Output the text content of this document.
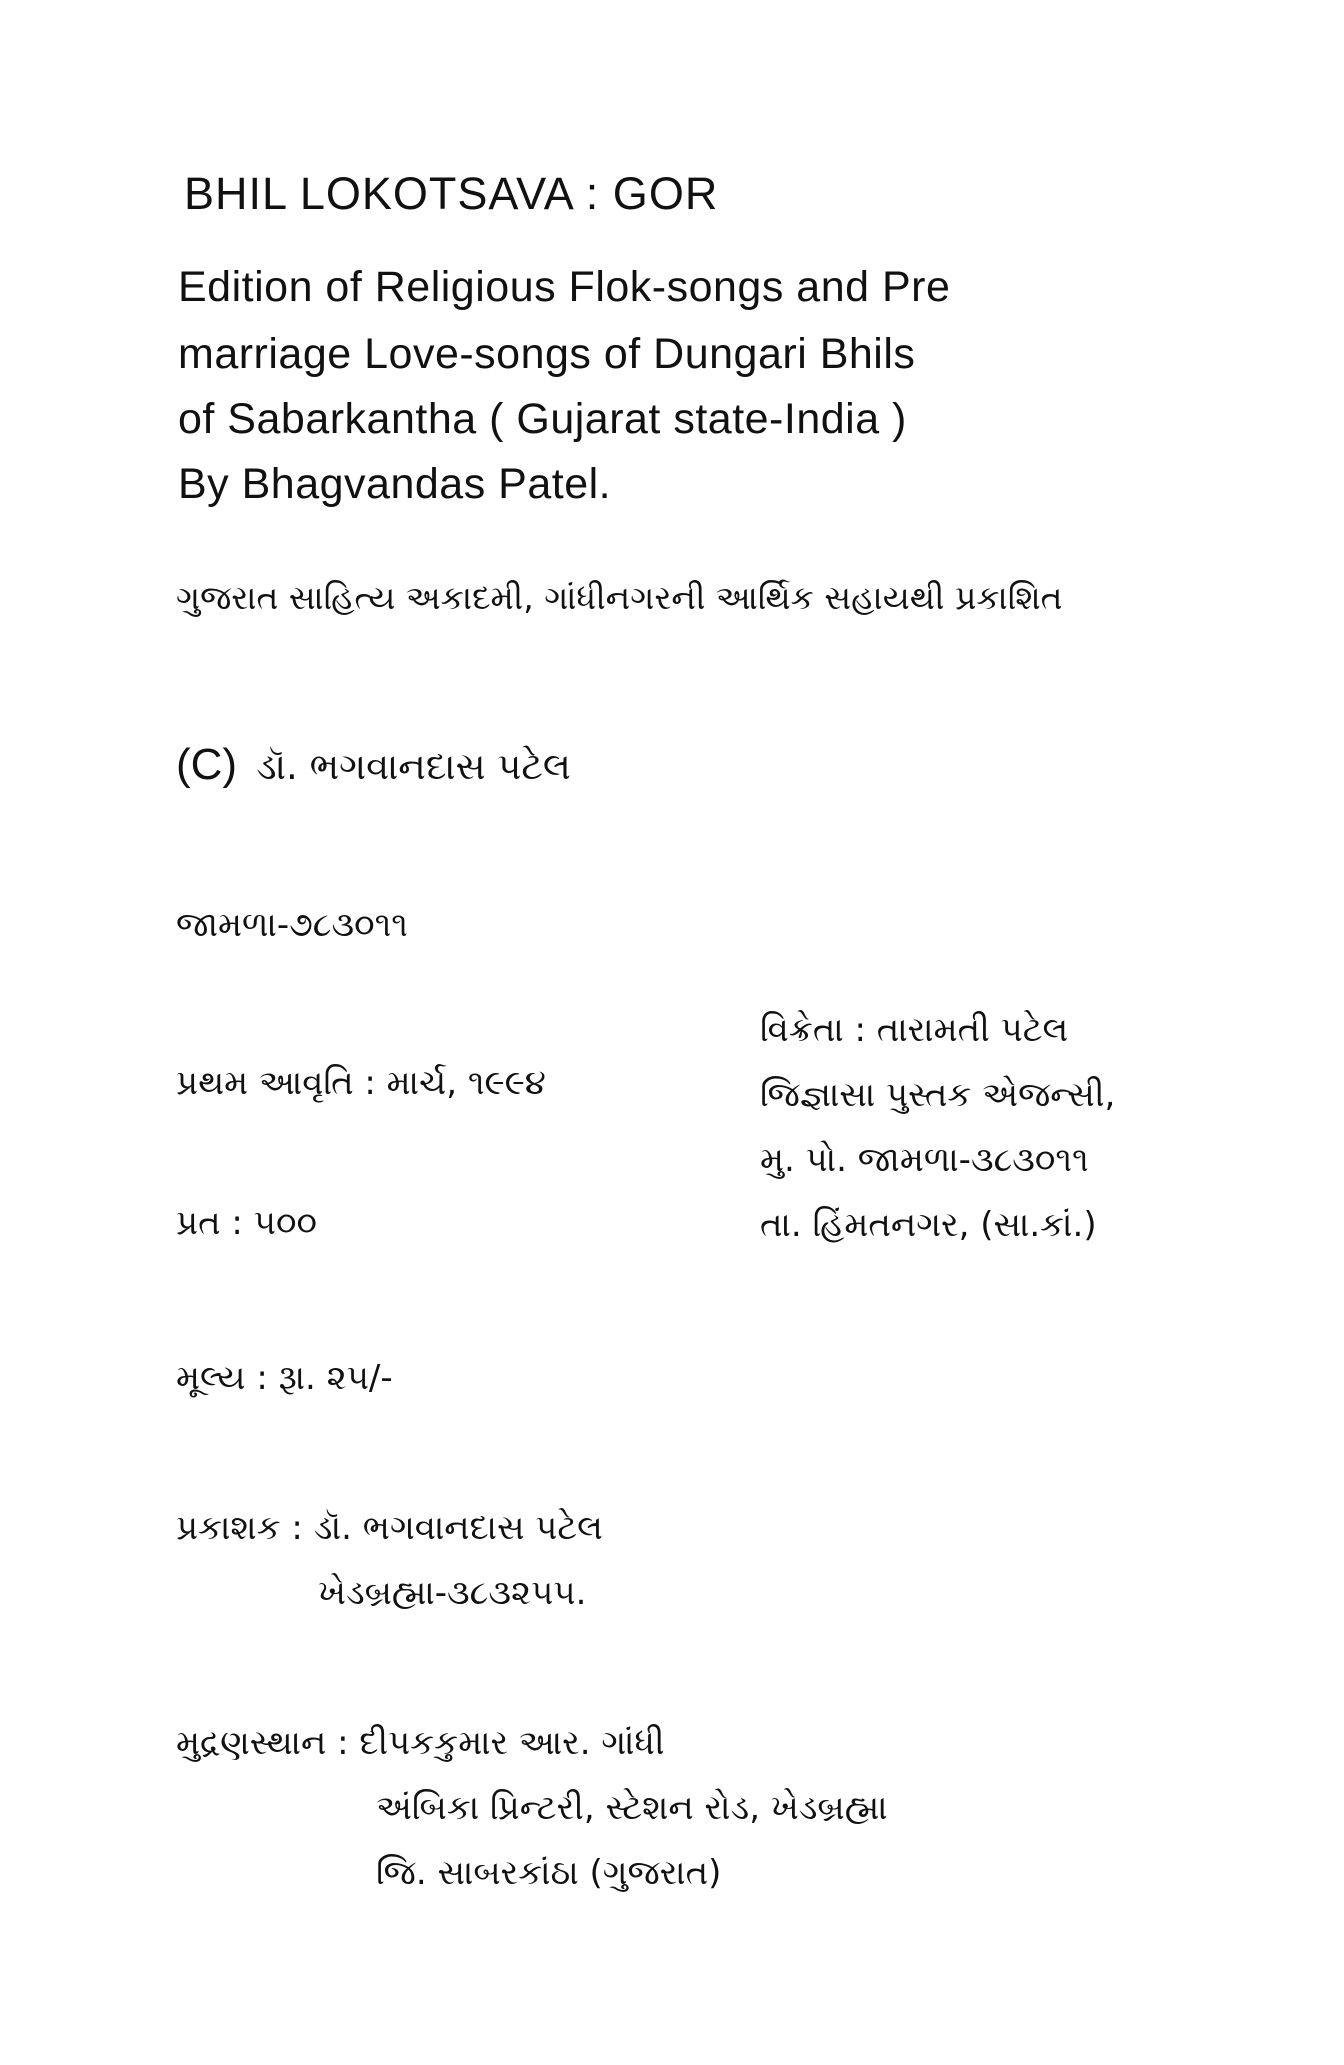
BHIL LOKOTSAVA : GOR
Edition of Religious Flok-songs and Pre
marriage Love-songs of Dungari Bhils
of Sabarkantha ( Gujarat state-India )
By Bhagvandas Patel.
ગુજરાત સાહિત્ય અકાદમી, ગાંધીનગરની આર્થિક સહાયથી પ્રકાશિત
(C) ડૉ. ભગવાનદાસ પટેલ
જામળા-૭૮૩૦૧૧
પ્રથમ આવૃતિ : માર્ચ, ૧૯૯૪
પ્રત : ૫૦૦
વિક્રેતા : તારામતી પટેલ
જિજ્ઞાસા પુસ્તક એજન્સી,
મુ. પો. જામળા-૩૮૩૦૧૧
તા. હિંમતનગર, (સા.કાં.)
મૂલ્ય : રૂા. ૨૫/-
પ્રકાશક : ડૉ. ભગવાનદાસ પટેલ
ખેડબ્રહ્મા-૩૮૩૨૫૫.
મુદ્રણસ્થાન : દીપકકુમાર આર. ગાંધી
અંબિકા પ્રિન્ટરી, સ્ટેશન રોડ, ખેડબ્રહ્મા
જિ. સાબરકાંઠા (ગુજરાત)
